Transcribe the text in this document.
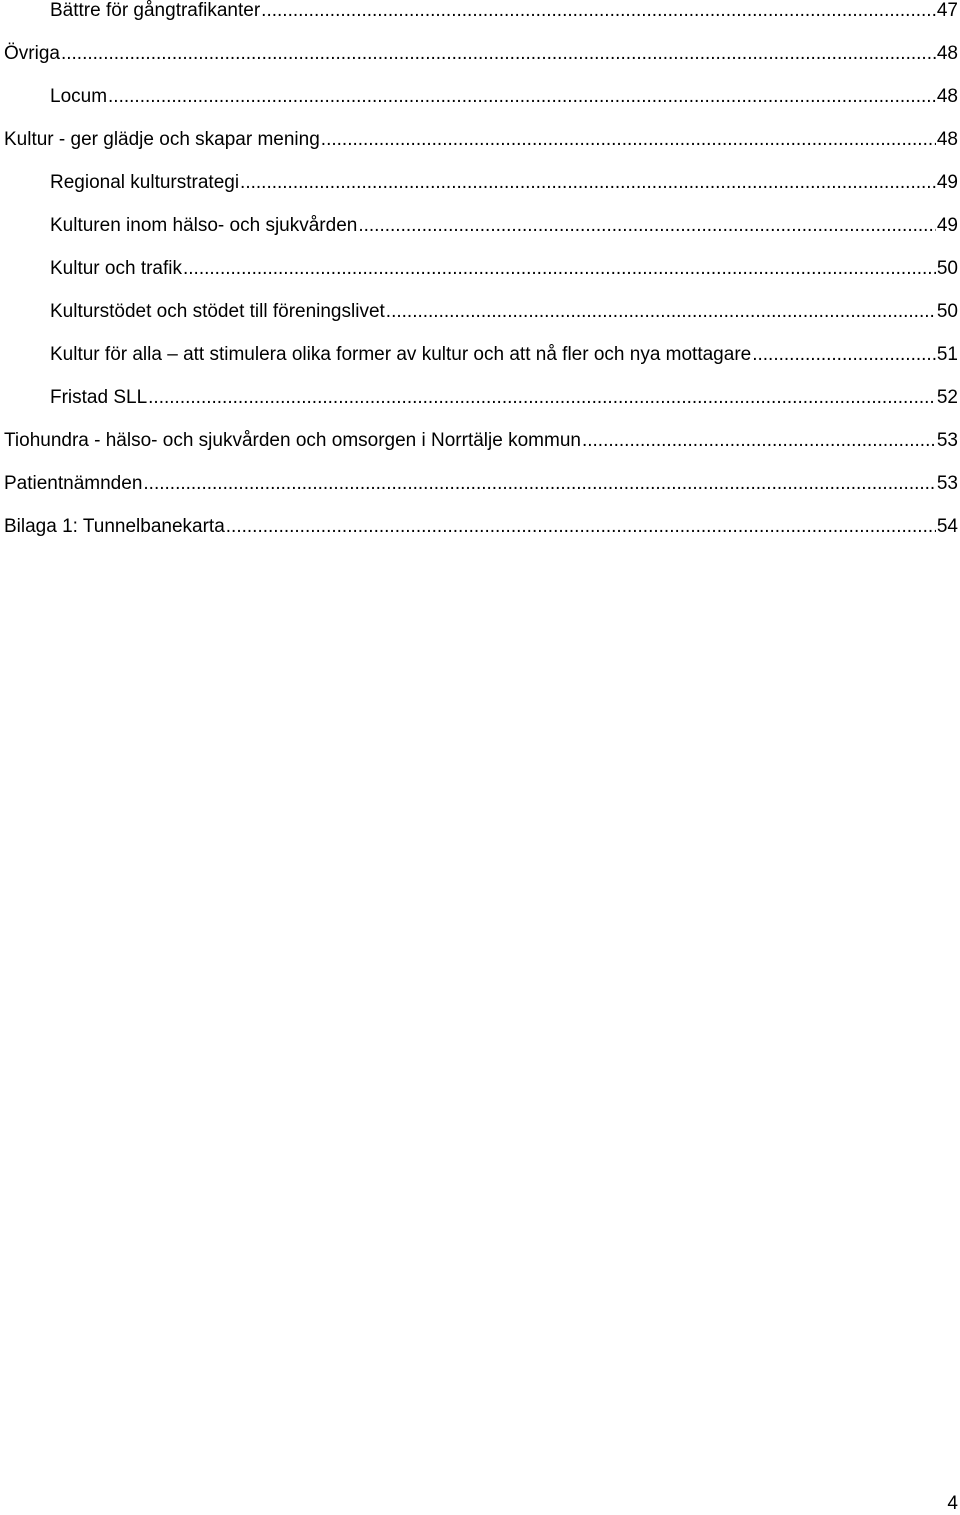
Bättre för gångtrafikanter .....	47
Övriga .....	48
Locum .....	48
Kultur - ger glädje och skapar mening .....	48
Regional kulturstrategi .....	49
Kulturen inom hälso- och sjukvården .....	49
Kultur och trafik .....	50
Kulturstödet och stödet till föreningslivet .....	50
Kultur för alla – att stimulera olika former av kultur och att nå fler och nya mottagare .....	51
Fristad SLL .....	52
Tiohundra - hälso- och sjukvården och omsorgen i Norrtälje kommun .....	53
Patientnämnden .....	53
Bilaga 1: Tunnelbanekarta .....	54
4
